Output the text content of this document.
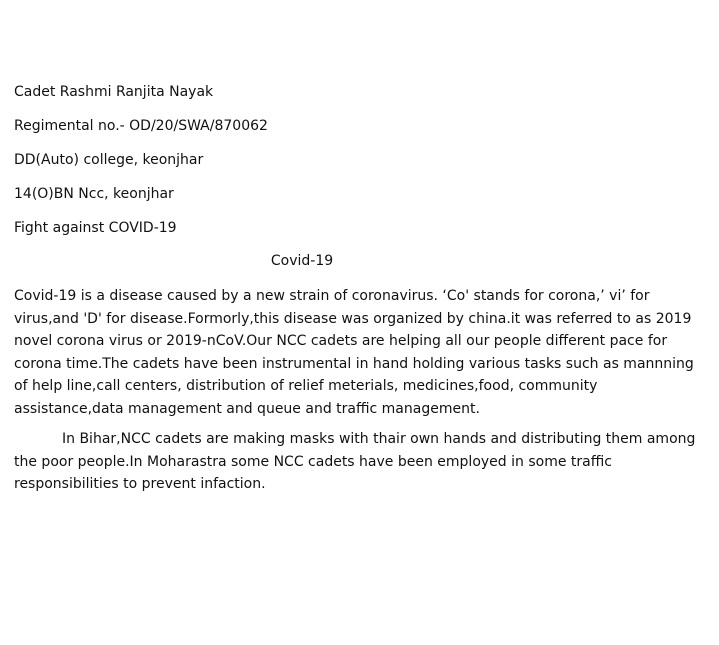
Cadet Rashmi Ranjita Nayak
Regimental no.- OD/20/SWA/870062
DD(Auto) college, keonjhar
14(O)BN Ncc, keonjhar
Fight against COVID-19
Covid-19

Covid-19 is a disease caused by a new strain of coronavirus. ‘Co' stands for corona,’ vi’ for virus,and 'D' for disease.Formorly,this disease was organized by china.it was referred to as 2019 novel corona virus or 2019-nCoV.Our NCC cadets are helping all our people different pace for corona time.The cadets have been instrumental in hand holding various tasks such as mannning of help line,call centers, distribution of relief meterials, medicines,food, community assistance,data management and queue and traffic management.

In Bihar,NCC cadets are making masks with thair own hands and distributing them among the poor people.In Moharastra some NCC cadets have been employed in some traffic responsibilities to prevent infaction.
